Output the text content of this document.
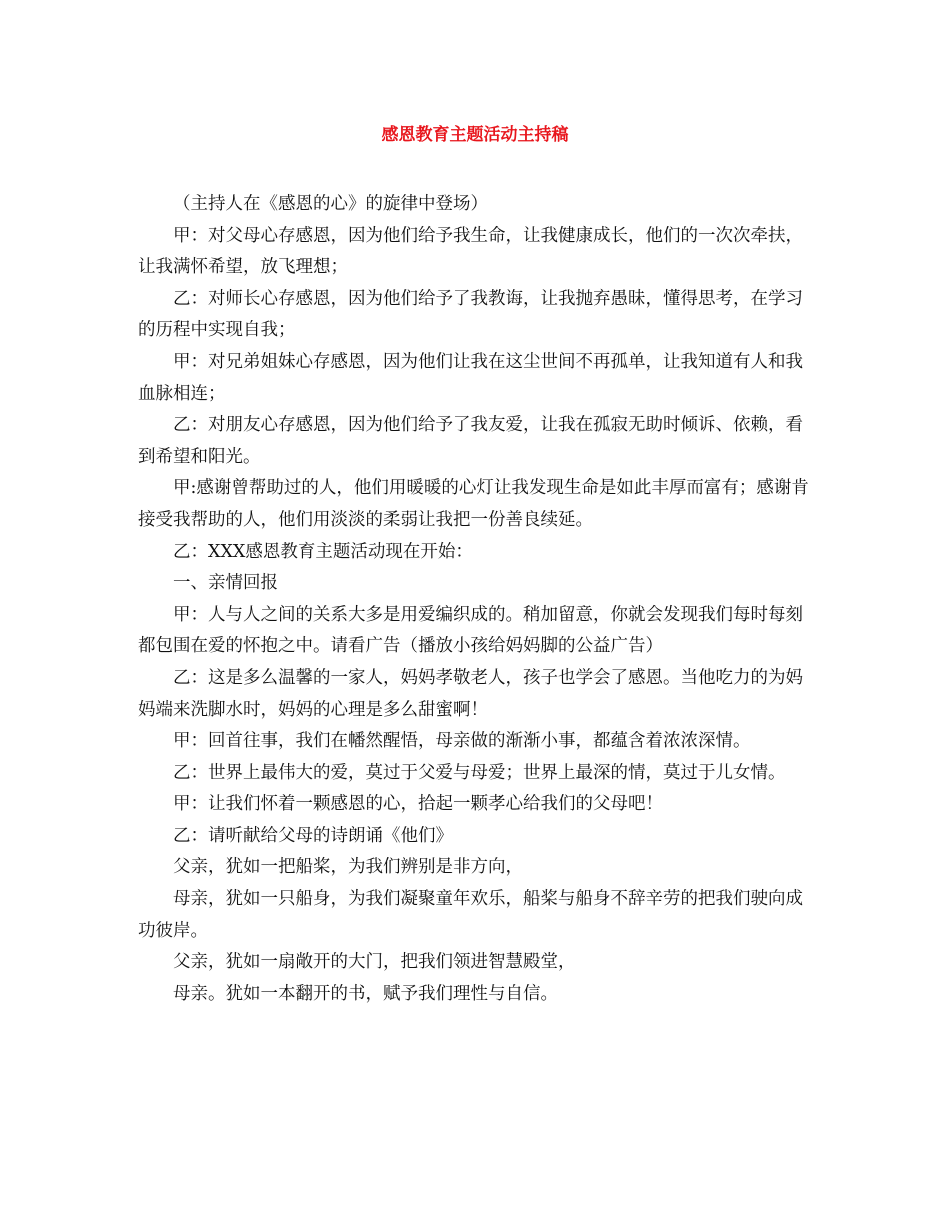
感恩教育主题活动主持稿

（主持人在《感恩的心》的旋律中登场）

甲：对父母心存感恩，因为他们给予我生命，让我健康成长，他们的一次次牵扶，让我满怀希望，放飞理想；

乙：对师长心存感恩，因为他们给予了我教诲，让我抛弃愚昧，懂得思考，在学习的历程中实现自我；

甲：对兄弟姐妹心存感恩，因为他们让我在这尘世间不再孤单，让我知道有人和我血脉相连；

乙：对朋友心存感恩，因为他们给予了我友爱，让我在孤寂无助时倾诉、依赖，看到希望和阳光。

甲:感谢曾帮助过的人，他们用暖暖的心灯让我发现生命是如此丰厚而富有；感谢肯接受我帮助的人，他们用淡淡的柔弱让我把一份善良续延。

乙：XXX感恩教育主题活动现在开始：

一、亲情回报

甲：人与人之间的关系大多是用爱编织成的。稍加留意，你就会发现我们每时每刻都包围在爱的怀抱之中。请看广告（播放小孩给妈妈脚的公益广告）

乙：这是多么温馨的一家人，妈妈孝敬老人，孩子也学会了感恩。当他吃力的为妈妈端来洗脚水时，妈妈的心理是多么甜蜜啊！

甲：回首往事，我们在幡然醒悟，母亲做的渐渐小事，都蕴含着浓浓深情。

乙：世界上最伟大的爱，莫过于父爱与母爱；世界上最深的情，莫过于儿女情。

甲：让我们怀着一颗感恩的心，拾起一颗孝心给我们的父母吧！

乙：请听献给父母的诗朗诵《他们》

父亲，犹如一把船桨，为我们辨别是非方向，

母亲，犹如一只船身，为我们凝聚童年欢乐，船桨与船身不辞辛劳的把我们驶向成功彼岸。

父亲，犹如一扇敞开的大门，把我们领进智慧殿堂，

母亲。犹如一本翻开的书，赋予我们理性与自信。
